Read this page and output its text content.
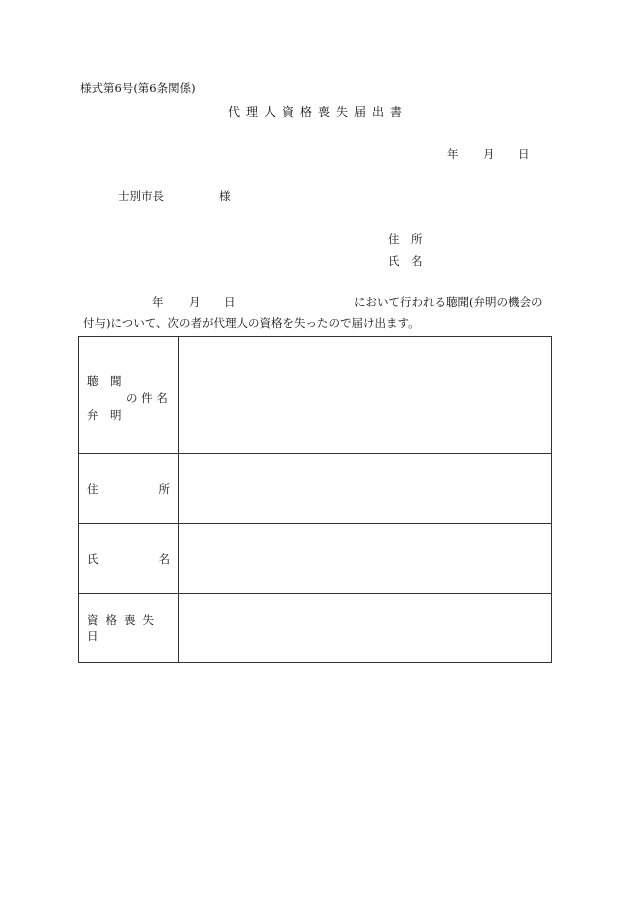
様式第6号(第6条関係)
代理人資格喪失届出書
年 月 日
士別市長	様
住　所
氏　名
年 月 日	において行われる聴聞(弁明の機会の
付与)について、次の者が代理人の資格を失ったので届け出ます。
聴　聞
の 件 名
弁　明	

住 所	

氏 名	

資格喪失日	
